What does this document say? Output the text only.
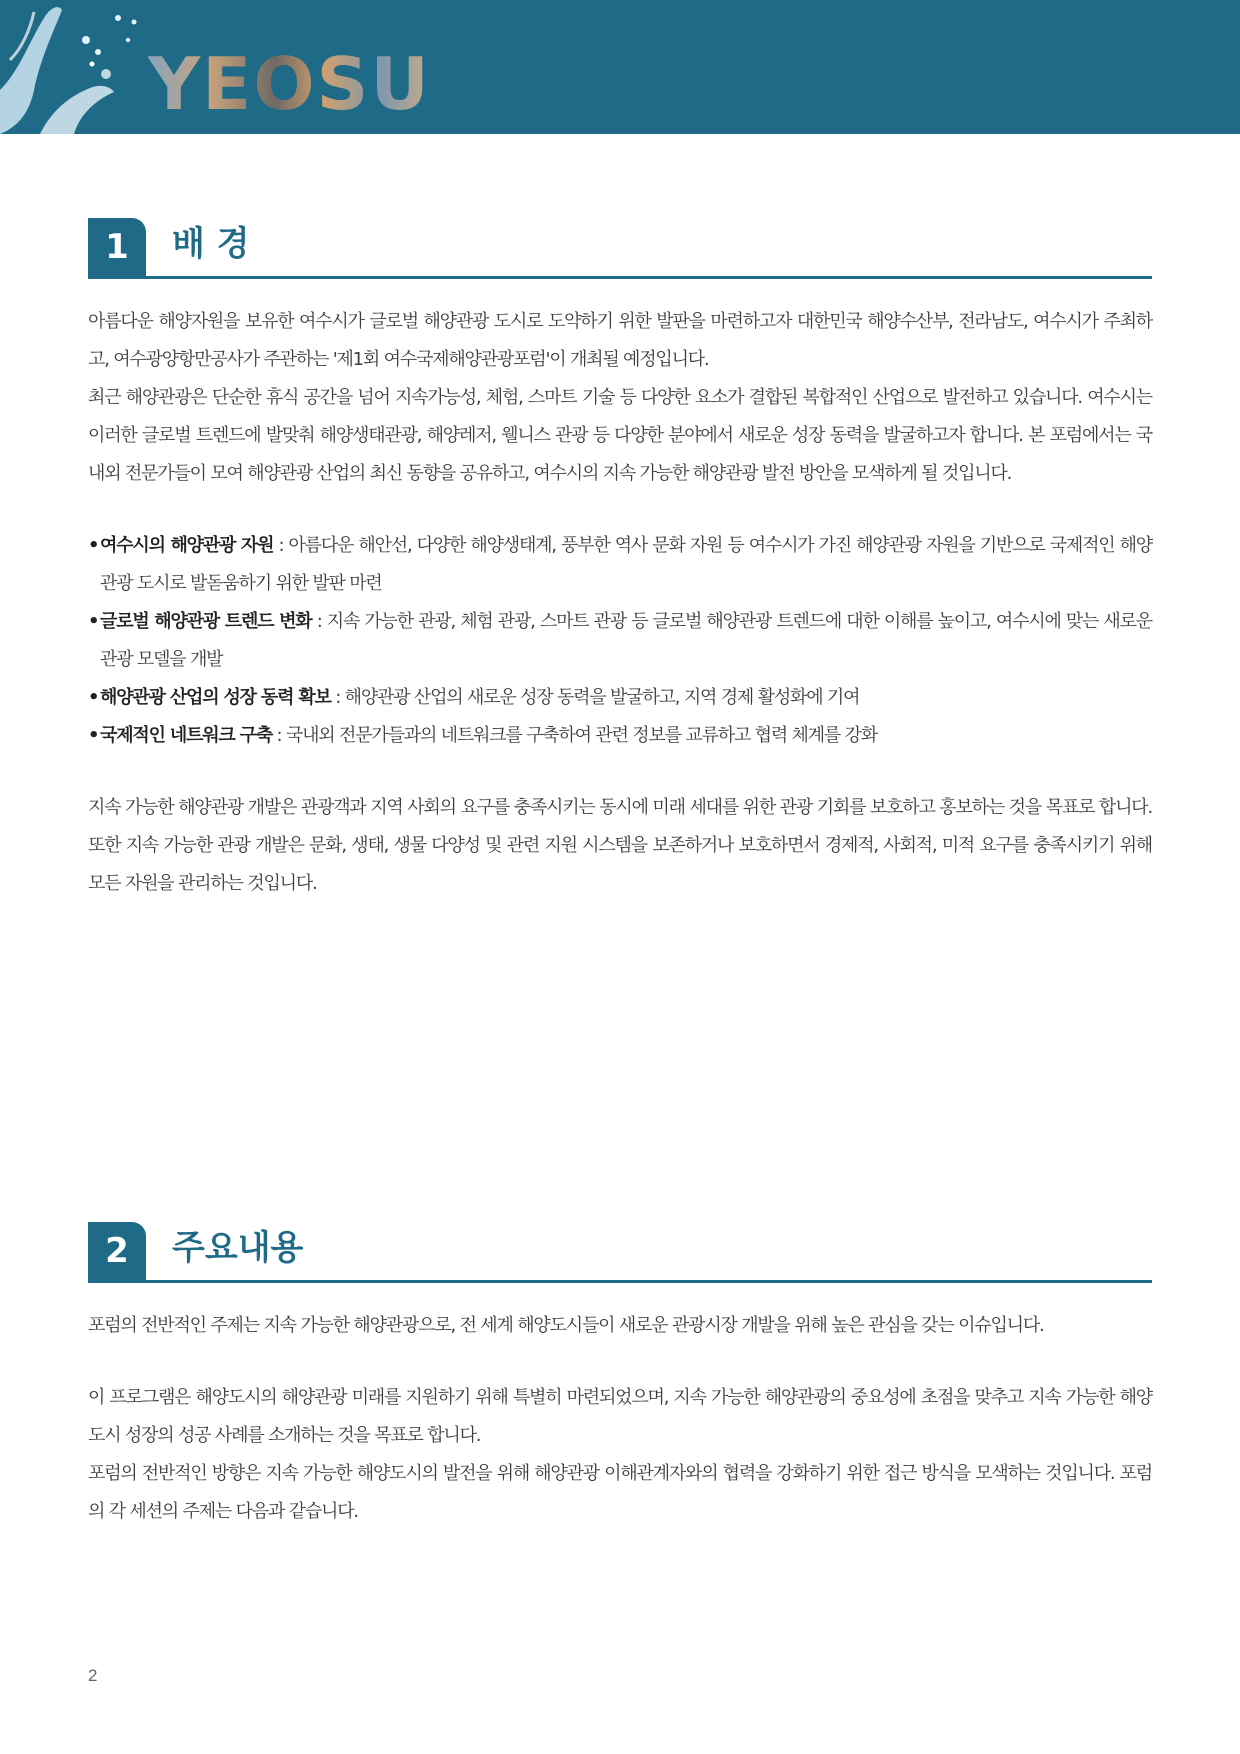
YEOSU
1	배 경

아름다운 해양자원을 보유한 여수시가 글로벌 해양관광 도시로 도약하기 위한 발판을 마련하고자 대한민국 해양수산부, 전라남도, 여수시가 주최하고, 여수광양항만공사가 주관하는 '제1회 여수국제해양관광포럼'이 개최될 예정입니다.

최근 해양관광은 단순한 휴식 공간을 넘어 지속가능성, 체험, 스마트 기술 등 다양한 요소가 결합된 복합적인 산업으로 발전하고 있습니다. 여수시는 이러한 글로벌 트렌드에 발맞춰 해양생태관광, 해양레저, 웰니스 관광 등 다양한 분야에서 새로운 성장 동력을 발굴하고자 합니다. 본 포럼에서는 국내외 전문가들이 모여 해양관광 산업의 최신 동향을 공유하고, 여수시의 지속 가능한 해양관광 발전 방안을 모색하게 될 것입니다.

• 여수시의 해양관광 자원 : 아름다운 해안선, 다양한 해양생태계, 풍부한 역사 문화 자원 등 여수시가 가진 해양관광 자원을 기반으로 국제적인 해양관광 도시로 발돋움하기 위한 발판 마련
• 글로벌 해양관광 트렌드 변화 : 지속 가능한 관광, 체험 관광, 스마트 관광 등 글로벌 해양관광 트렌드에 대한 이해를 높이고, 여수시에 맞는 새로운 관광 모델을 개발
• 해양관광 산업의 성장 동력 확보 : 해양관광 산업의 새로운 성장 동력을 발굴하고, 지역 경제 활성화에 기여
• 국제적인 네트워크 구축 : 국내외 전문가들과의 네트워크를 구축하여 관련 정보를 교류하고 협력 체계를 강화

지속 가능한 해양관광 개발은 관광객과 지역 사회의 요구를 충족시키는 동시에 미래 세대를 위한 관광 기회를 보호하고 홍보하는 것을 목표로 합니다. 또한 지속 가능한 관광 개발은 문화, 생태, 생물 다양성 및 관련 지원 시스템을 보존하거나 보호하면서 경제적, 사회적, 미적 요구를 충족시키기 위해 모든 자원을 관리하는 것입니다.

2	주요내용

포럼의 전반적인 주제는 지속 가능한 해양관광으로, 전 세계 해양도시들이 새로운 관광시장 개발을 위해 높은 관심을 갖는 이슈입니다.

이 프로그램은 해양도시의 해양관광 미래를 지원하기 위해 특별히 마련되었으며, 지속 가능한 해양관광의 중요성에 초점을 맞추고 지속 가능한 해양도시 성장의 성공 사례를 소개하는 것을 목표로 합니다.

포럼의 전반적인 방향은 지속 가능한 해양도시의 발전을 위해 해양관광 이해관계자와의 협력을 강화하기 위한 접근 방식을 모색하는 것입니다. 포럼의 각 세션의 주제는 다음과 같습니다.

2
